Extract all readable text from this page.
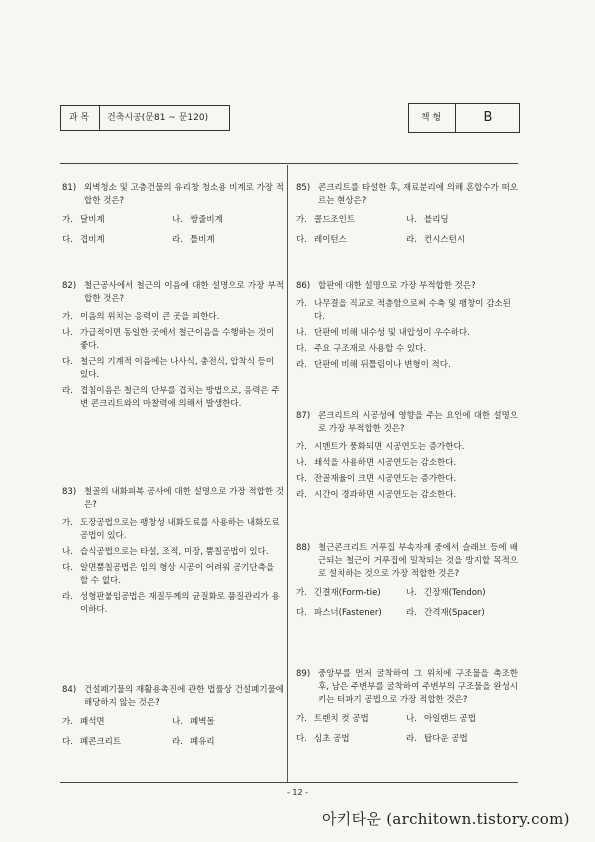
과 목	건축시공(문81 ~ 문120)	책 형	B
81) 외벽청소 및 고층건물의 유리창 청소용 비계로 가장 적합한 것은?
가. 달비계	나. 쌍줄비계
다. 겹비계	라. 틀비계
82) 철근공사에서 철근의 이음에 대한 설명으로 가장 부적합한 것은?
가. 이음의 위치는 응력이 큰 곳을 피한다.
나. 가급적이면 동일한 곳에서 철근이음을 수행하는 것이 좋다.
다. 철근의 기계적 이음에는 나사식, 충전식, 압착식 등이 있다.
라. 겹침이음은 철근의 단부를 겹치는 방법으로, 응력은 주변 콘크리트와의 마찰력에 의해서 발생한다.
83) 철골의 내화피복 공사에 대한 설명으로 가장 적합한 것은?
가. 도장공법으로는 팽창성 내화도료를 사용하는 내화도료공법이 있다.
나. 습식공법으로는 타설, 조적, 미장, 뿜칠공법이 있다.
다. 알면뿜칠공법은 임의 형상 시공이 어려워 공기단축을 할 수 없다.
라. 성형판붙임공법은 재질두께의 균질화로 품질관리가 용이하다.
84) 건설폐기물의 재활용촉진에 관한 법률상 건설폐기물에 해당하지 않는 것은?
가. 폐석면	나. 폐벽돌
다. 폐콘크리트	라. 폐유리
85) 콘크리트를 타설한 후, 재료분리에 의해 혼합수가 떠오르는 현상은?
가. 콜드조인트	나. 블리딩
다. 레이턴스	라. 컨시스턴시
86) 합판에 대한 설명으로 가장 부적합한 것은?
가. 나무결을 직교로 적층함으로써 수축 및 팽창이 감소된다.
나. 단판에 비해 내수성 및 내압성이 우수하다.
다. 주요 구조재로 사용할 수 있다.
라. 단판에 비해 뒤틀림이나 변형이 적다.
87) 콘크리트의 시공성에 영향을 주는 요인에 대한 설명으로 가장 부적합한 것은?
가. 시멘트가 풍화되면 시공연도는 증가한다.
나. 쇄석을 사용하면 시공연도는 감소한다.
다. 잔골재율이 크면 시공연도는 증가한다.
라. 시간이 경과하면 시공연도는 감소한다.
88) 철근콘크리트 거푸집 부속자재 중에서 슬래브 등에 배근되는 철근이 거푸집에 밀착되는 것을 방지할 목적으로 설치하는 것으로 가장 적합한 것은?
가. 긴결재(Form-tie)	나. 긴장재(Tendon)
다. 파스너(Fastener)	라. 간격재(Spacer)
89) 중앙부를 먼저 굴착하여 그 위치에 구조물을 축조한 후, 남은 주변부를 굴착하여 주변부의 구조물을 완성시키는 터파기 공법으로 가장 적합한 것은?
가. 트렌치 컷 공법	나. 아일랜드 공법
다. 심초 공법	라. 탑다운 공법
- 12 -
아키타운 (architown.tistory.com)
